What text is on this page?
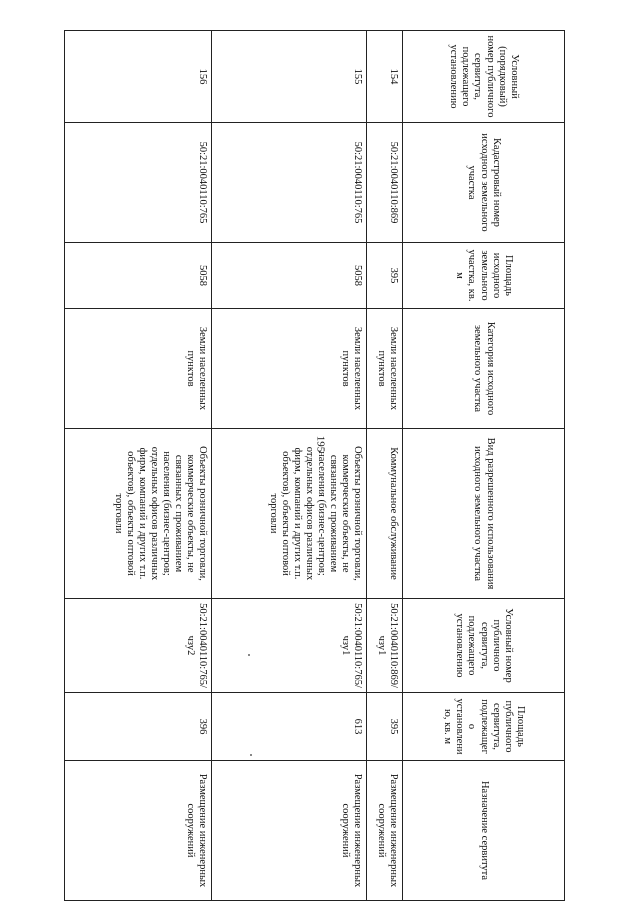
195
Условный (порядковый) номер публичного сервитута, подлежащего установлению	Кадастровый номер исходного земельного участка	Площадь исходного земельного участка, кв. м	Категория исходного земельного участка	Вид разрешенного использования исходного земельного участка	Условный номер публичного сервитута, подлежащего установлению	Площадь публичного сервитута, подлежащего установлению, кв. м	Назначение сервитута
154	50:21:0040110:869	395	Земли населенных пунктов	Коммунальное обслуживание	50:21:0040110:869/чзу1	395	Размещение инженерных сооружений
155	50:21:0040110:765	5058	Земли населенных пунктов	Объекты розничной торговли, коммерческие объекты, не связанных с проживанием населения (бизнес-центров; отдельных офисов различных фирм, компаний и других т.п. объектов), объекты оптовой торговли	50:21:0040110:765/чзу1	613	Размещение инженерных сооружений
156	50:21:0040110:765	5058	Земли населенных пунктов	Объекты розничной торговли, коммерческие объекты, не связанных с проживанием населения (бизнес-центров; отдельных офисов различных фирм, компаний и других т.п. объектов), объекты оптовой торговли	50:21:0040110:765/чзу2	396	Размещение инженерных сооружений
